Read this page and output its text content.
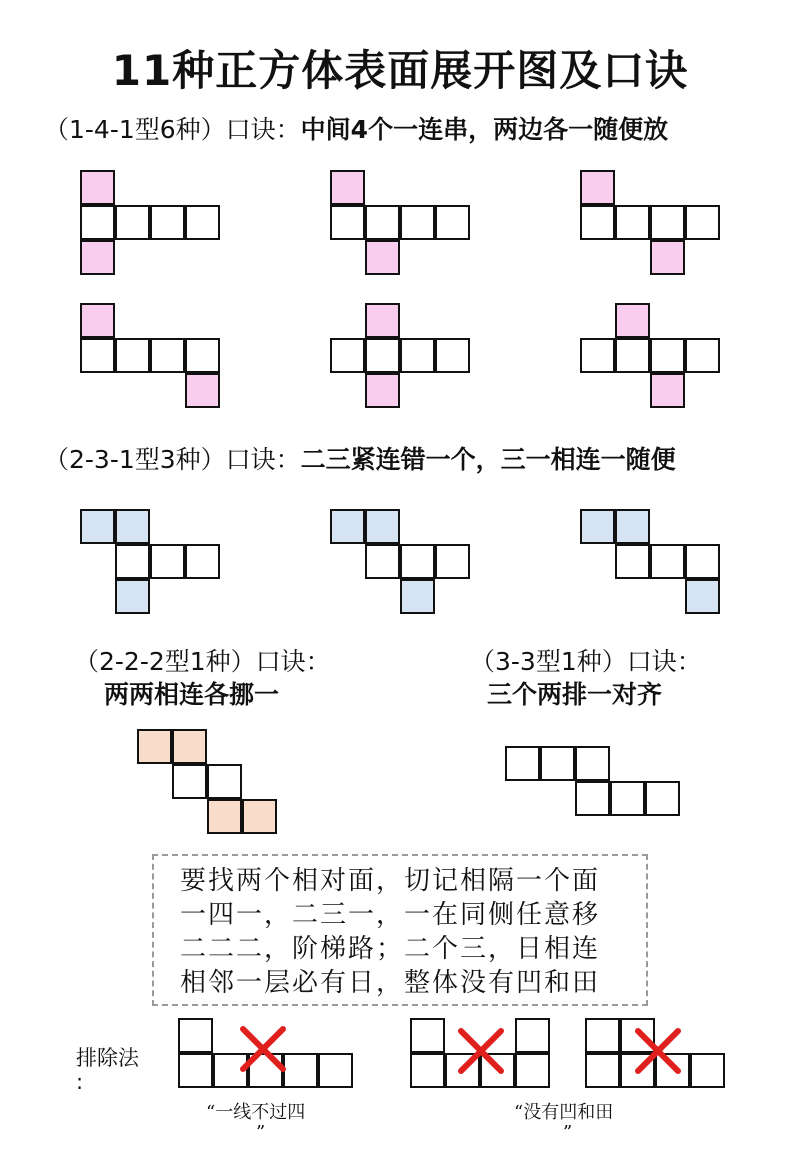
11种正方体表面展开图及口诀
（1-4-1型6种）口诀：中间4个一连串，两边各一随便放
（2-3-1型3种）口诀：二三紧连错一个，三一相连一随便
（2-2-2型1种）口诀：
两两相连各挪一
（3-3型1种）口诀：
三个两排一对齐
要找两个相对面，切记相隔一个面
一四一，二三一，一在同侧任意移
二二二，阶梯路；二个三，日相连
相邻一层必有日，整体没有凹和田
排除法
:
“一线不过四
”
“没有凹和田
”
